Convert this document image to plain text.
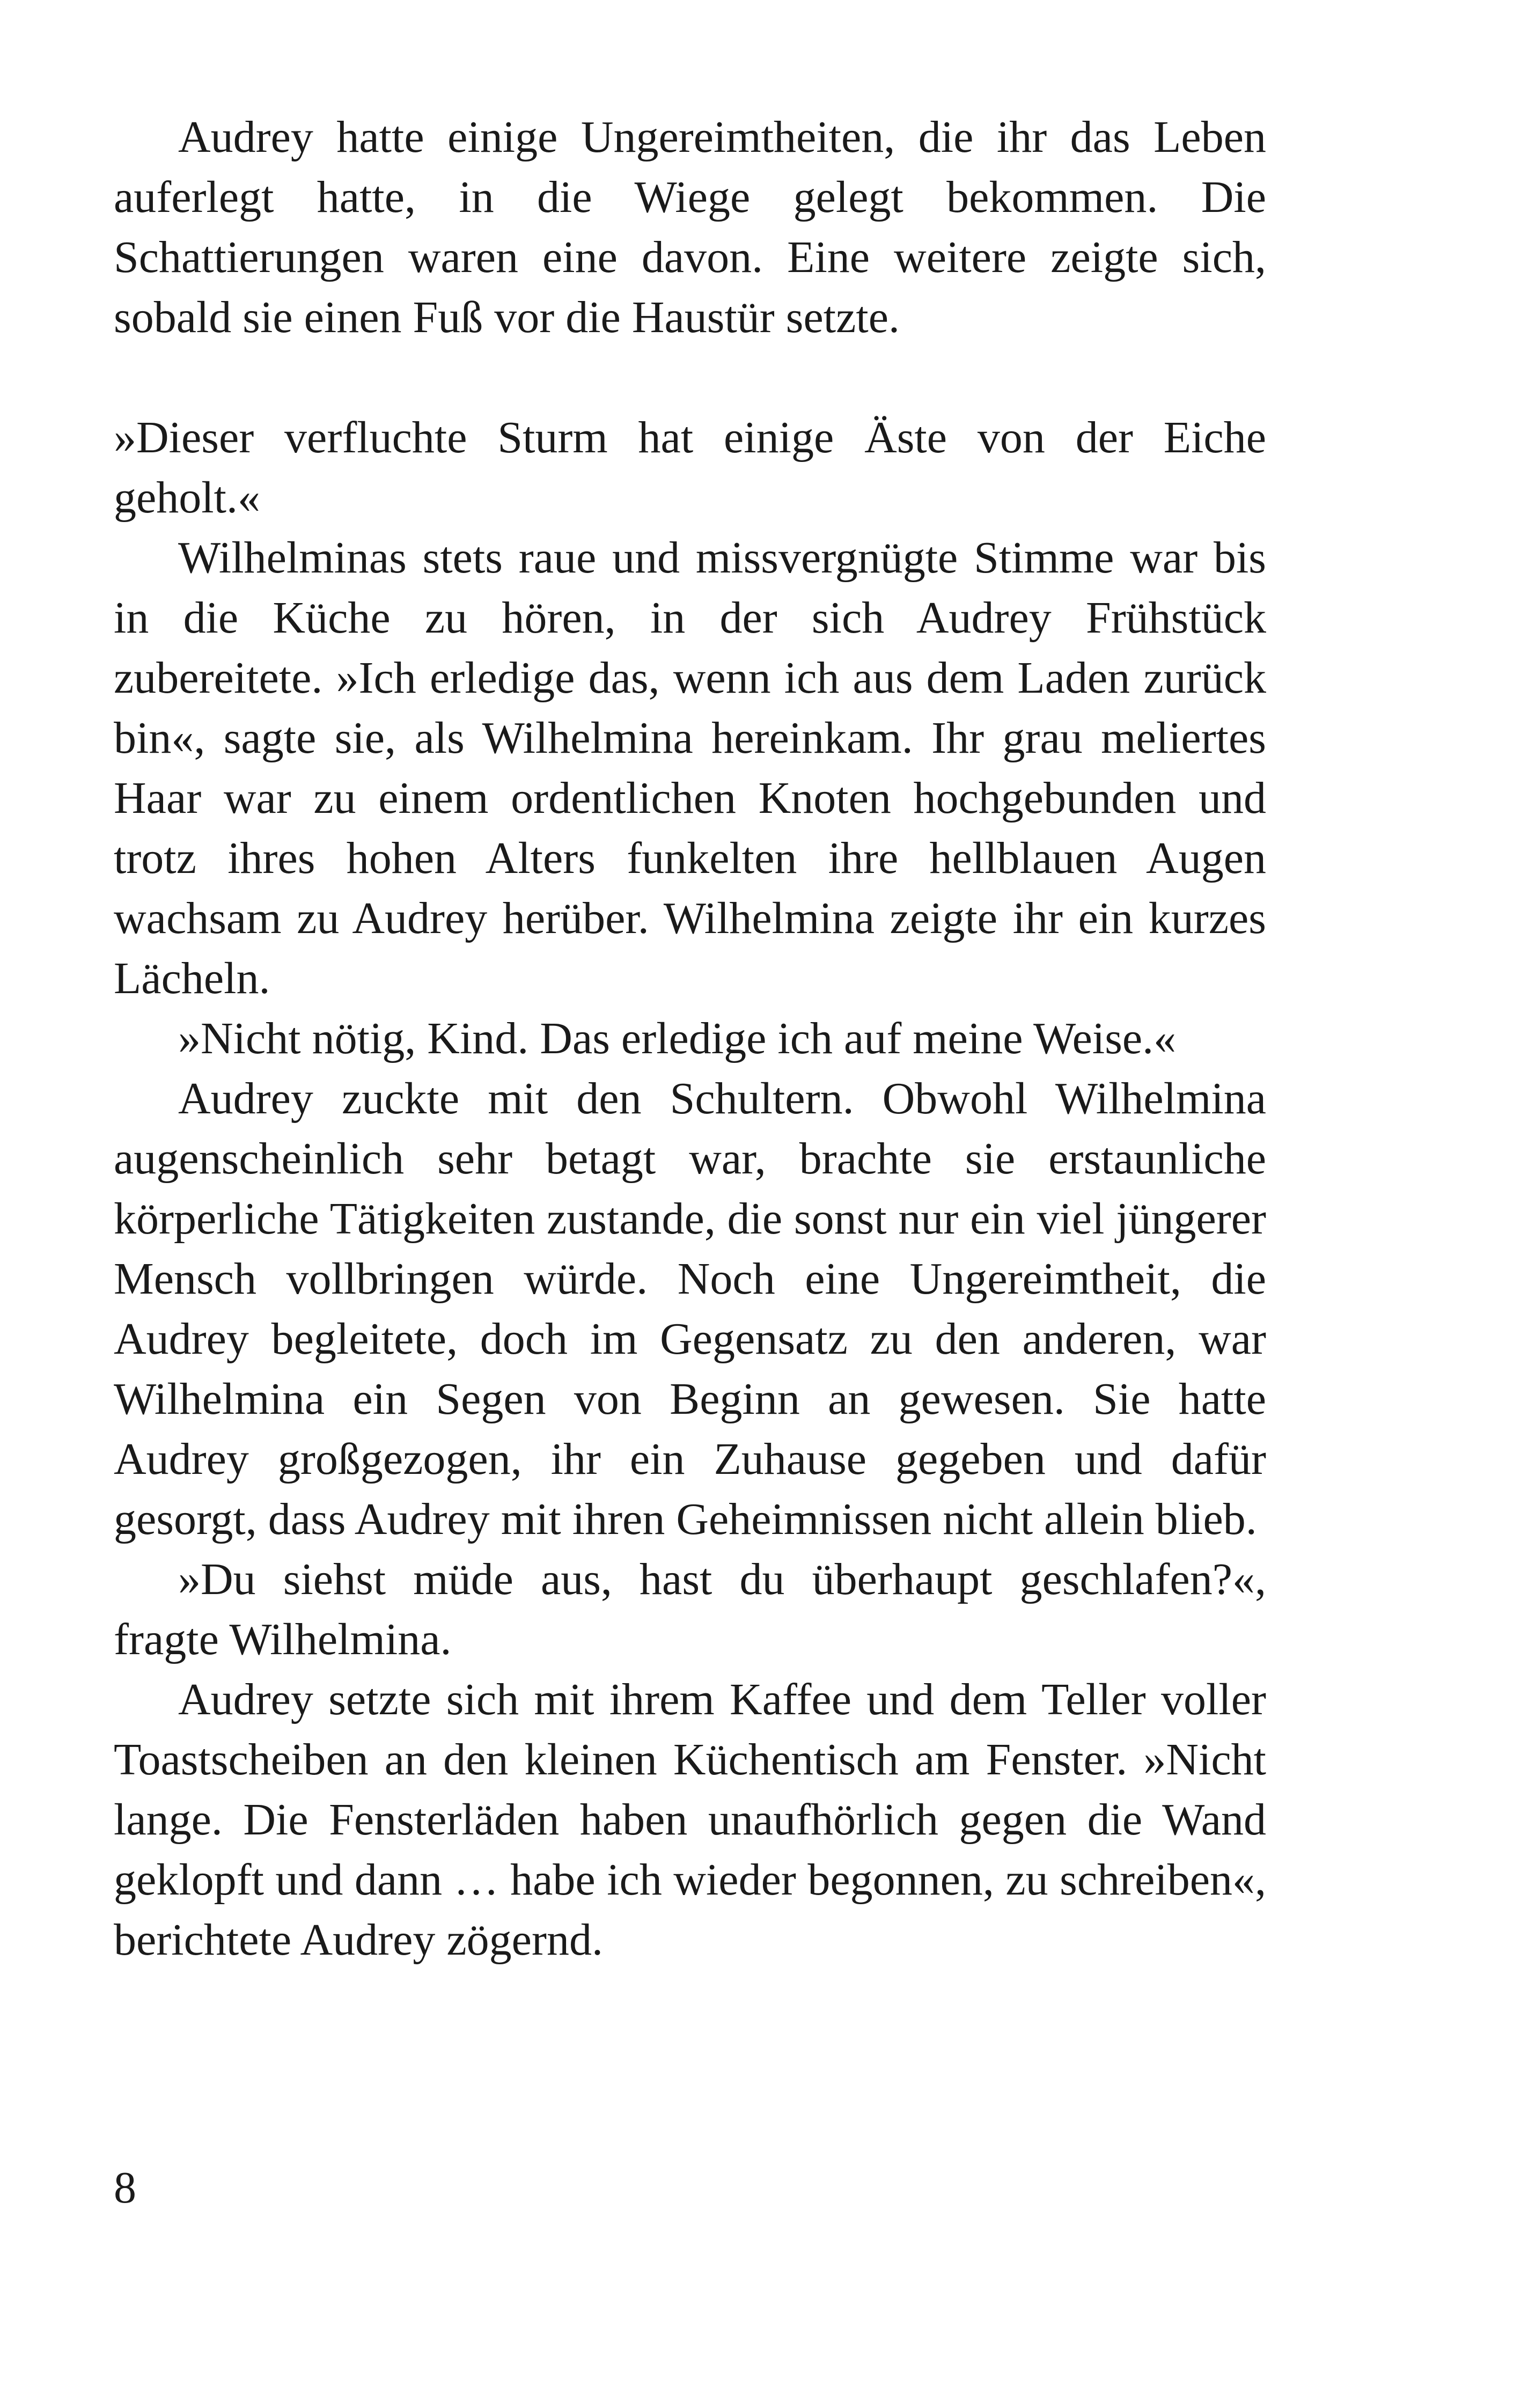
Audrey hatte einige Ungereimtheiten, die ihr das Leben auferlegt hatte, in die Wiege gelegt bekommen. Die Schattierungen waren eine davon. Eine weitere zeigte sich, sobald sie einen Fuß vor die Haustür setzte.

»Dieser verfluchte Sturm hat einige Äste von der Eiche geholt.«

Wilhelminas stets raue und missvergnügte Stimme war bis in die Küche zu hören, in der sich Audrey Frühstück zubereitete. »Ich erledige das, wenn ich aus dem Laden zurück bin«, sagte sie, als Wilhelmina hereinkam. Ihr grau meliertes Haar war zu einem ordentlichen Knoten hochgebunden und trotz ihres hohen Alters funkelten ihre hellblauen Augen wachsam zu Audrey herüber. Wilhelmina zeigte ihr ein kurzes Lächeln.

»Nicht nötig, Kind. Das erledige ich auf meine Weise.«

Audrey zuckte mit den Schultern. Obwohl Wilhelmina augenscheinlich sehr betagt war, brachte sie erstaunliche körperliche Tätigkeiten zustande, die sonst nur ein viel jüngerer Mensch vollbringen würde. Noch eine Ungereimtheit, die Audrey begleitete, doch im Gegensatz zu den anderen, war Wilhelmina ein Segen von Beginn an gewesen. Sie hatte Audrey großgezogen, ihr ein Zuhause gegeben und dafür gesorgt, dass Audrey mit ihren Geheimnissen nicht allein blieb.

»Du siehst müde aus, hast du überhaupt geschlafen?«, fragte Wilhelmina.

Audrey setzte sich mit ihrem Kaffee und dem Teller voller Toastscheiben an den kleinen Küchentisch am Fenster. »Nicht lange. Die Fensterläden haben unaufhörlich gegen die Wand geklopft und dann … habe ich wieder begonnen, zu schreiben«, berichtete Audrey zögernd.

8
